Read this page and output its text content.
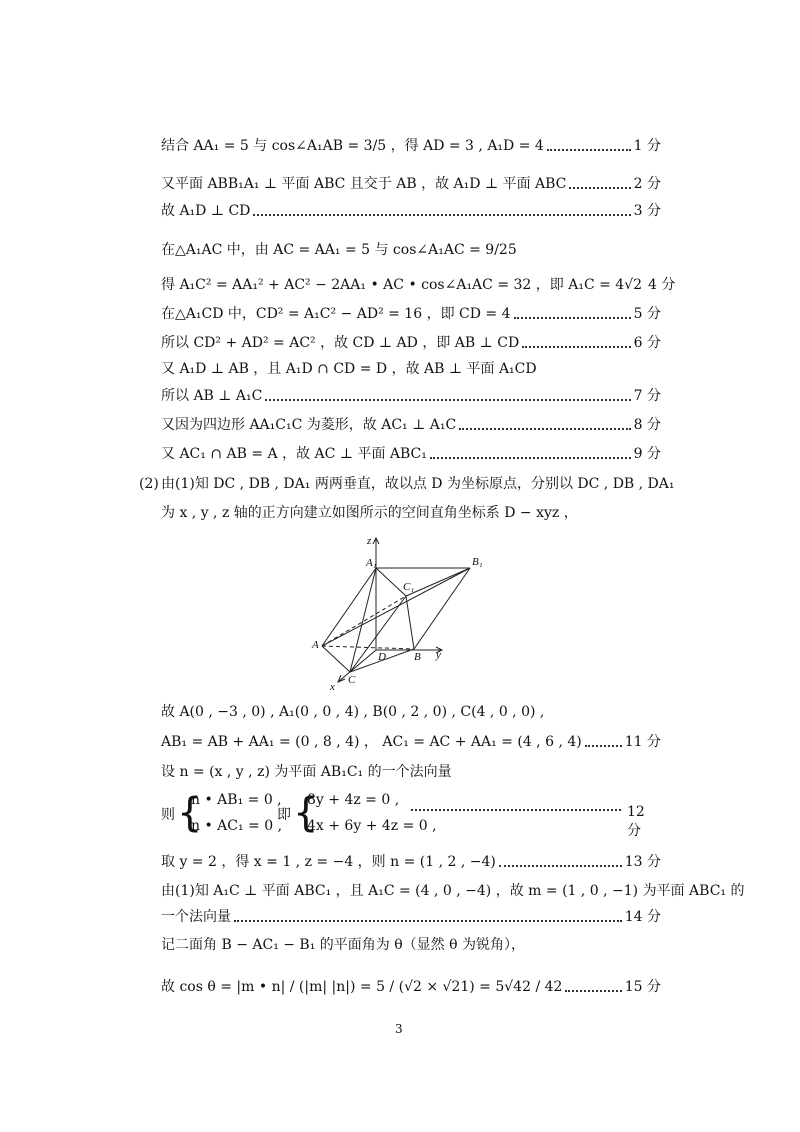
结合 AA₁ = 5 与 cos∠A₁AB = 3/5 ，得 AD = 3 , A₁D = 4	1 分
又平面 ABB₁A₁ ⊥ 平面 ABC 且交于 AB ，故 A₁D ⊥ 平面 ABC	2 分
故 A₁D ⊥ CD	3 分
在△A₁AC 中，由 AC = AA₁ = 5 与 cos∠A₁AC = 9/25
得 A₁C² = AA₁² + AC² − 2AA₁ • AC • cos∠A₁AC = 32 ，即 A₁C = 4√2 4 分
在△A₁CD 中，CD² = A₁C² − AD² = 16 ，即 CD = 4	5 分
所以 CD² + AD² = AC² ，故 CD ⊥ AD ，即 AB ⊥ CD	6 分
又 A₁D ⊥ AB ，且 A₁D ∩ CD = D ，故 AB ⊥ 平面 A₁CD
所以 AB ⊥ A₁C	7 分
又因为四边形 AA₁C₁C 为菱形，故 AC₁ ⊥ A₁C	8 分
又 AC₁ ∩ AB = A ，故 AC ⊥ 平面 ABC₁	9 分
(2) 由(1)知 DC , DB , DA₁ 两两垂直，故以点 D 为坐标原点，分别以 DC , DB , DA₁
为 x , y , z 轴的正方向建立如图所示的空间直角坐标系 D − xyz ，
z
A₁	B₁
C₁
A
D	B y
x
C
故 A(0 , −3 , 0) , A₁(0 , 0 , 4) , B(0 , 2 , 0) , C(4 , 0 , 0) ,
AB₁ = AB + AA₁ = (0 , 8 , 4) ， AC₁ = AC + AA₁ = (4 , 6 , 4)	11 分
设 n = (x , y , z) 为平面 AB₁C₁ 的一个法向量
则 {
n • AB₁ = 0 ,
n • AC₁ = 0 ,
即 {
8y + 4z = 0 ,
4x + 6y + 4z = 0 ,
12 分
取 y = 2 ，得 x = 1 , z = −4 ，则 n = (1 , 2 , −4)	13 分
由(1)知 A₁C ⊥ 平面 ABC₁ ，且 A₁C = (4 , 0 , −4) ，故 m = (1 , 0 , −1) 为平面 ABC₁ 的
一个法向量	14 分
记二面角 B − AC₁ − B₁ 的平面角为 θ（显然 θ 为锐角），
故 cos θ = |m • n| / (|m| |n|) = 5 / (√2 × √21) = 5√42 / 42	15 分
3
